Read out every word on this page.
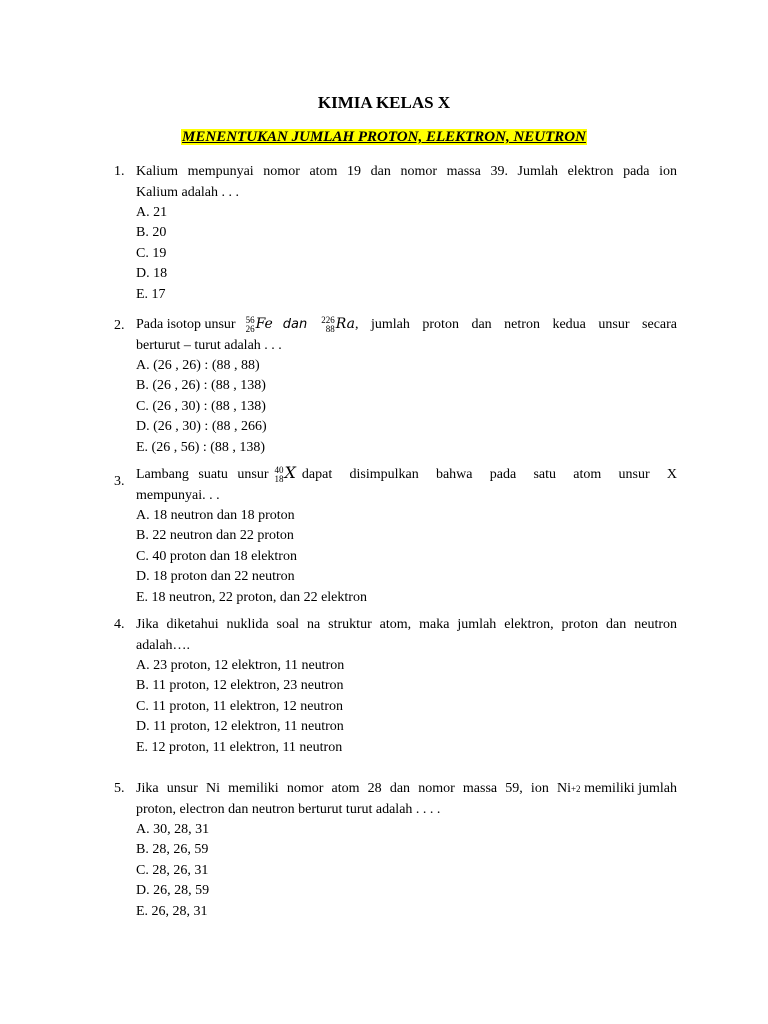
KIMIA KELAS X
MENENTUKAN JUMLAH PROTON, ELEKTRON, NEUTRON
1. Kalium mempunyai nomor atom 19 dan nomor massa 39. Jumlah elektron pada ion
Kalium adalah . . .
A. 21
B. 20
C. 19
D. 18
E. 17
2. Pada isotop unsur 56
26 Fe dan 226
88 Ra , jumlah proton dan netron kedua unsur secara
berturut – turut adalah . . .
A. (26 , 26) : (88 , 88)
B. (26 , 26) : (88 , 138)
C. (26 , 30) : (88 , 138)
D. (26 , 30) : (88 , 266)
E. (26 , 56) : (88 , 138)
3. Lambang suatu unsur 40
18 X dapat disimpulkan bahwa pada satu atom unsur X
mempunyai. . .
A. 18 neutron dan 18 proton
B. 22 neutron dan 22 proton
C. 40 proton dan 18 elektron
D. 18 proton dan 22 neutron
E. 18 neutron, 22 proton, dan 22 elektron
4. Jika diketahui nuklida soal na struktur atom, maka jumlah elektron, proton dan neutron
adalah….
A. 23 proton, 12 elektron, 11 neutron
B. 11 proton, 12 elektron, 23 neutron
C. 11 proton, 11 elektron, 12 neutron
D. 11 proton, 12 elektron, 11 neutron
E. 12 proton, 11 elektron, 11 neutron
5. Jika unsur Ni memiliki nomor atom 28 dan nomor massa 59, ion Ni +2 memiliki jumlah
proton, electron dan neutron berturut turut adalah . . . .
A. 30, 28, 31
B. 28, 26, 59
C. 28, 26, 31
D. 26, 28, 59
E. 26, 28, 31
